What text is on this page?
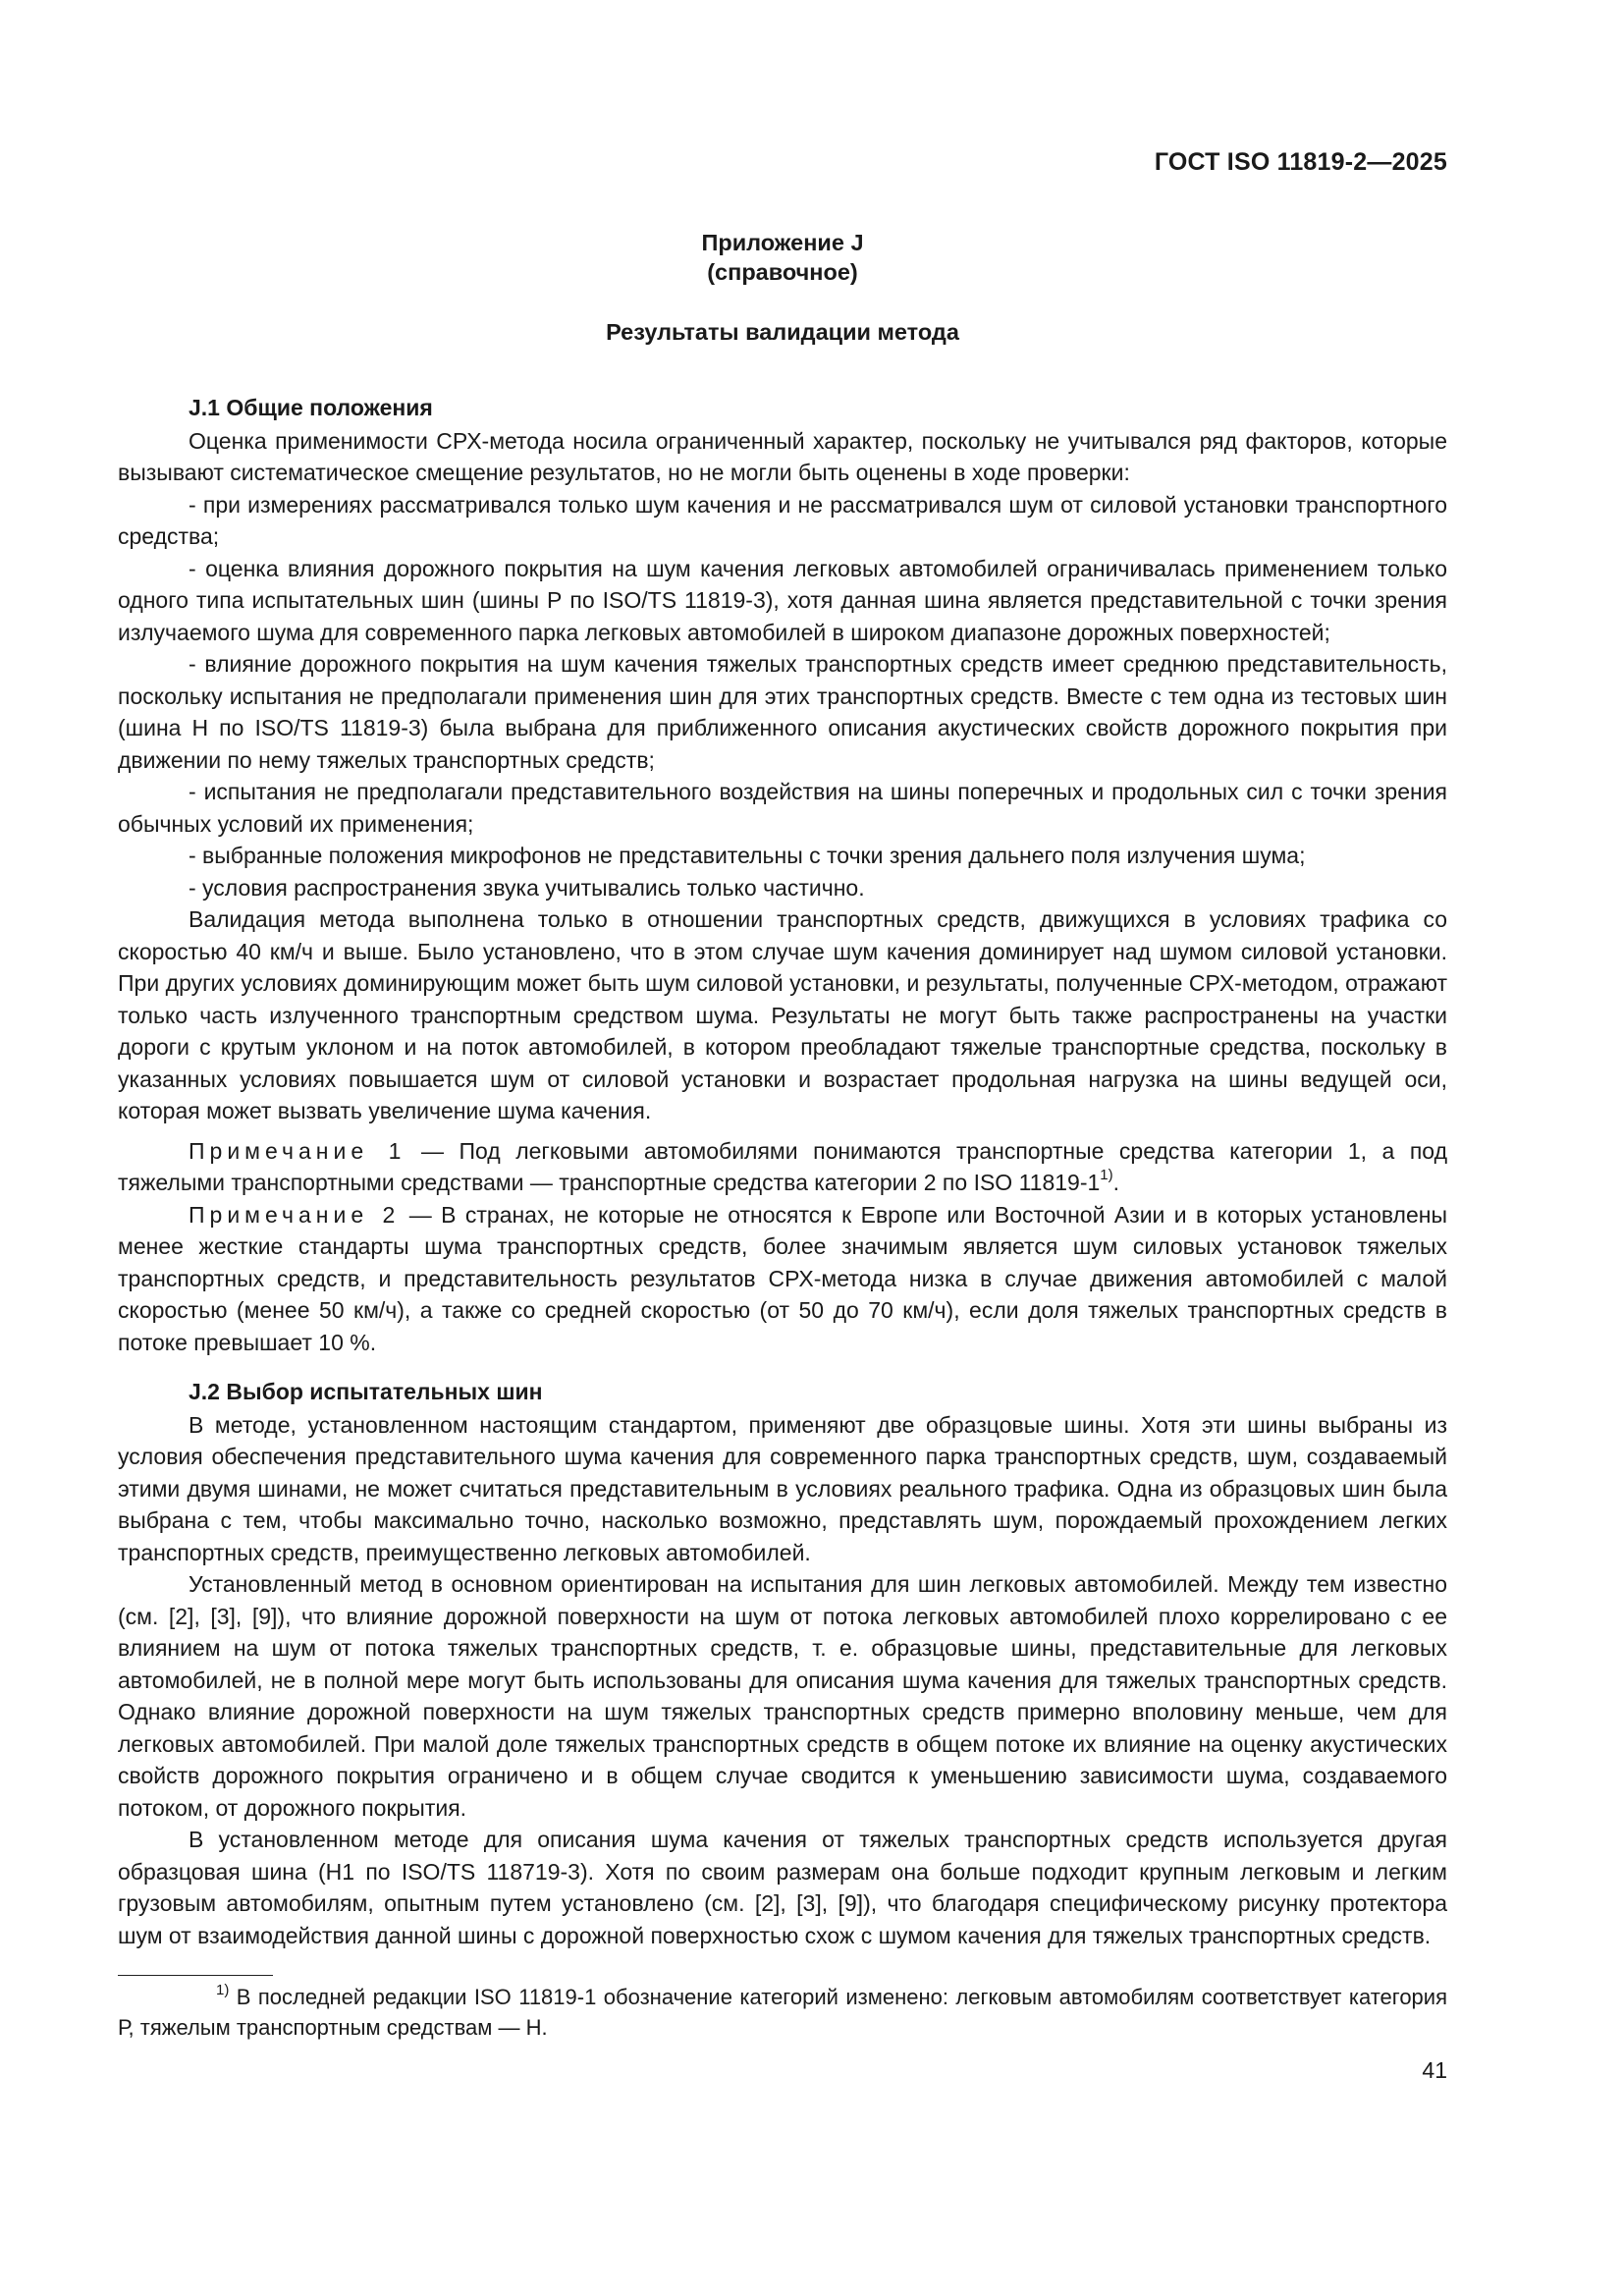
ГОСТ ISO 11819-2—2025
Приложение J
(справочное)
Результаты валидации метода

J.1 Общие положения

Оценка применимости СРХ-метода носила ограниченный характер, поскольку не учитывался ряд факторов, которые вызывают систематическое смещение результатов, но не могли быть оценены в ходе проверки:

- при измерениях рассматривался только шум качения и не рассматривался шум от силовой установки транспортного средства;

- оценка влияния дорожного покрытия на шум качения легковых автомобилей ограничивалась применением только одного типа испытательных шин (шины Р по ISO/TS 11819-3), хотя данная шина является представительной с точки зрения излучаемого шума для современного парка легковых автомобилей в широком диапазоне дорожных поверхностей;

- влияние дорожного покрытия на шум качения тяжелых транспортных средств имеет среднюю представительность, поскольку испытания не предполагали применения шин для этих транспортных средств. Вместе с тем одна из тестовых шин (шина Н по ISO/TS 11819-3) была выбрана для приближенного описания акустических свойств дорожного покрытия при движении по нему тяжелых транспортных средств;

- испытания не предполагали представительного воздействия на шины поперечных и продольных сил с точки зрения обычных условий их применения;

- выбранные положения микрофонов не представительны с точки зрения дальнего поля излучения шума;

- условия распространения звука учитывались только частично.

Валидация метода выполнена только в отношении транспортных средств, движущихся в условиях трафика со скоростью 40 км/ч и выше. Было установлено, что в этом случае шум качения доминирует над шумом силовой установки. При других условиях доминирующим может быть шум силовой установки, и результаты, полученные СРХ-методом, отражают только часть излученного транспортным средством шума. Результаты не могут быть также распространены на участки дороги с крутым уклоном и на поток автомобилей, в котором преобладают тяжелые транспортные средства, поскольку в указанных условиях повышается шум от силовой установки и возрастает продольная нагрузка на шины ведущей оси, которая может вызвать увеличение шума качения.

Примечание 1 — Под легковыми автомобилями понимаются транспортные средства категории 1, а под тяжелыми транспортными средствами — транспортные средства категории 2 по ISO 11819-1$^{1)}$.

Примечание 2 — В странах, не которые не относятся к Европе или Восточной Азии и в которых установлены менее жесткие стандарты шума транспортных средств, более значимым является шум силовых установок тяжелых транспортных средств, и представительность результатов СРХ-метода низка в случае движения автомобилей с малой скоростью (менее 50 км/ч), а также со средней скоростью (от 50 до 70 км/ч), если доля тяжелых транспортных средств в потоке превышает 10 %.

J.2 Выбор испытательных шин

В методе, установленном настоящим стандартом, применяют две образцовые шины. Хотя эти шины выбраны из условия обеспечения представительного шума качения для современного парка транспортных средств, шум, создаваемый этими двумя шинами, не может считаться представительным в условиях реального трафика. Одна из образцовых шин была выбрана с тем, чтобы максимально точно, насколько возможно, представлять шум, порождаемый прохождением легких транспортных средств, преимущественно легковых автомобилей.

Установленный метод в основном ориентирован на испытания для шин легковых автомобилей. Между тем известно (см. [2], [3], [9]), что влияние дорожной поверхности на шум от потока легковых автомобилей плохо коррелировано с ее влиянием на шум от потока тяжелых транспортных средств, т. е. образцовые шины, представительные для легковых автомобилей, не в полной мере могут быть использованы для описания шума качения для тяжелых транспортных средств. Однако влияние дорожной поверхности на шум тяжелых транспортных средств примерно вполовину меньше, чем для легковых автомобилей. При малой доле тяжелых транспортных средств в общем потоке их влияние на оценку акустических свойств дорожного покрытия ограничено и в общем случае сводится к уменьшению зависимости шума, создаваемого потоком, от дорожного покрытия.

В установленном методе для описания шума качения от тяжелых транспортных средств используется другая образцовая шина (H1 по ISO/TS 118719-3). Хотя по своим размерам она больше подходит крупным легковым и легким грузовым автомобилям, опытным путем установлено (см. [2], [3], [9]), что благодаря специфическому рисунку протектора шум от взаимодействия данной шины с дорожной поверхностью схож с шумом качения для тяжелых транспортных средств.

$^{1)}$ В последней редакции ISO 11819-1 обозначение категорий изменено: легковым автомобилям соответствует категория Р, тяжелым транспортным средствам — Н.
41
